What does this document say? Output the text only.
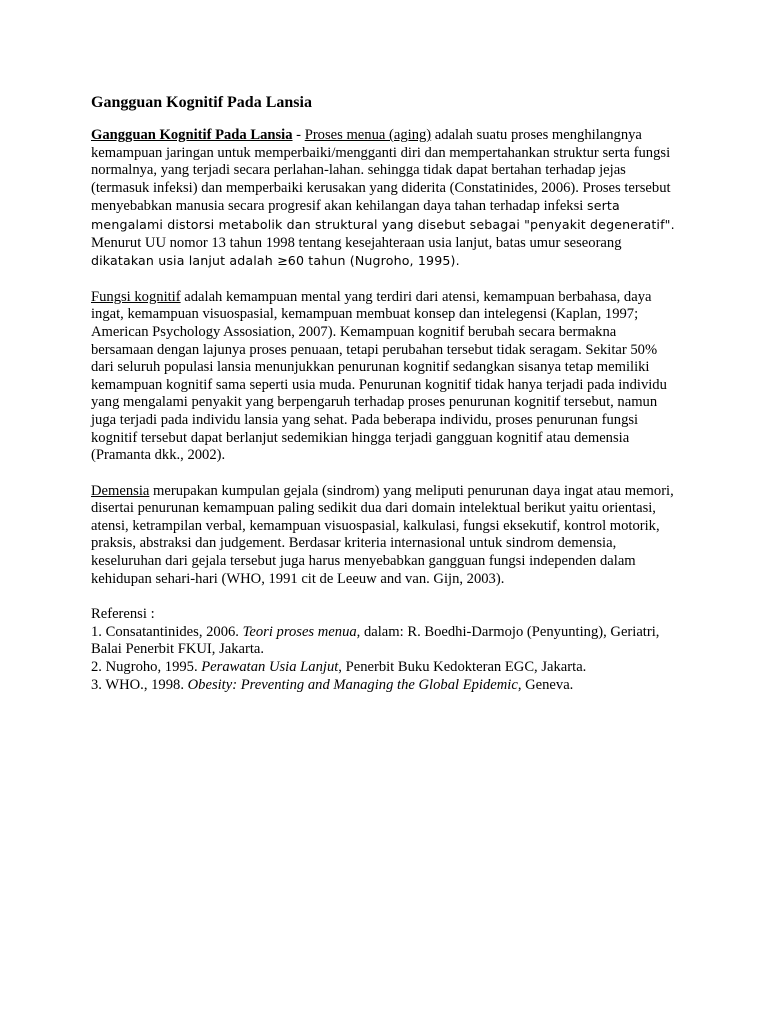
Gangguan Kognitif Pada Lansia

Gangguan Kognitif Pada Lansia - Proses menua (aging) adalah suatu proses menghilangnya kemampuan jaringan untuk memperbaiki/mengganti diri dan mempertahankan struktur serta fungsi normalnya, yang terjadi secara perlahan-lahan. sehingga tidak dapat bertahan terhadap jejas (termasuk infeksi) dan memperbaiki kerusakan yang diderita (Constatinides, 2006). Proses tersebut menyebabkan manusia secara progresif akan kehilangan daya tahan terhadap infeksi serta mengalami distorsi metabolik dan struktural yang disebut sebagai "penyakit degeneratif". Menurut UU nomor 13 tahun 1998 tentang kesejahteraan usia lanjut, batas umur seseorang dikatakan usia lanjut adalah ≥60 tahun (Nugroho, 1995).

Fungsi kognitif adalah kemampuan mental yang terdiri dari atensi, kemampuan berbahasa, daya ingat, kemampuan visuospasial, kemampuan membuat konsep dan intelegensi (Kaplan, 1997; American Psychology Assosiation, 2007). Kemampuan kognitif berubah secara bermakna bersamaan dengan lajunya proses penuaan, tetapi perubahan tersebut tidak seragam. Sekitar 50% dari seluruh populasi lansia menunjukkan penurunan kognitif sedangkan sisanya tetap memiliki kemampuan kognitif sama seperti usia muda. Penurunan kognitif tidak hanya terjadi pada individu yang mengalami penyakit yang berpengaruh terhadap proses penurunan kognitif tersebut, namun juga terjadi pada individu lansia yang sehat. Pada beberapa individu, proses penurunan fungsi kognitif tersebut dapat berlanjut sedemikian hingga terjadi gangguan kognitif atau demensia (Pramanta dkk., 2002).

Demensia merupakan kumpulan gejala (sindrom) yang meliputi penurunan daya ingat atau memori, disertai penurunan kemampuan paling sedikit dua dari domain intelektual berikut yaitu orientasi, atensi, ketrampilan verbal, kemampuan visuospasial, kalkulasi, fungsi eksekutif, kontrol motorik, praksis, abstraksi dan judgement. Berdasar kriteria internasional untuk sindrom demensia, keseluruhan dari gejala tersebut juga harus menyebabkan gangguan fungsi independen dalam kehidupan sehari-hari (WHO, 1991 cit de Leeuw and van. Gijn, 2003).

Referensi :
1. Consatantinides, 2006. Teori proses menua, dalam: R. Boedhi-Darmojo (Penyunting), Geriatri, Balai Penerbit FKUI, Jakarta.
2. Nugroho, 1995. Perawatan Usia Lanjut, Penerbit Buku Kedokteran EGC, Jakarta.
3. WHO., 1998. Obesity: Preventing and Managing the Global Epidemic, Geneva.
